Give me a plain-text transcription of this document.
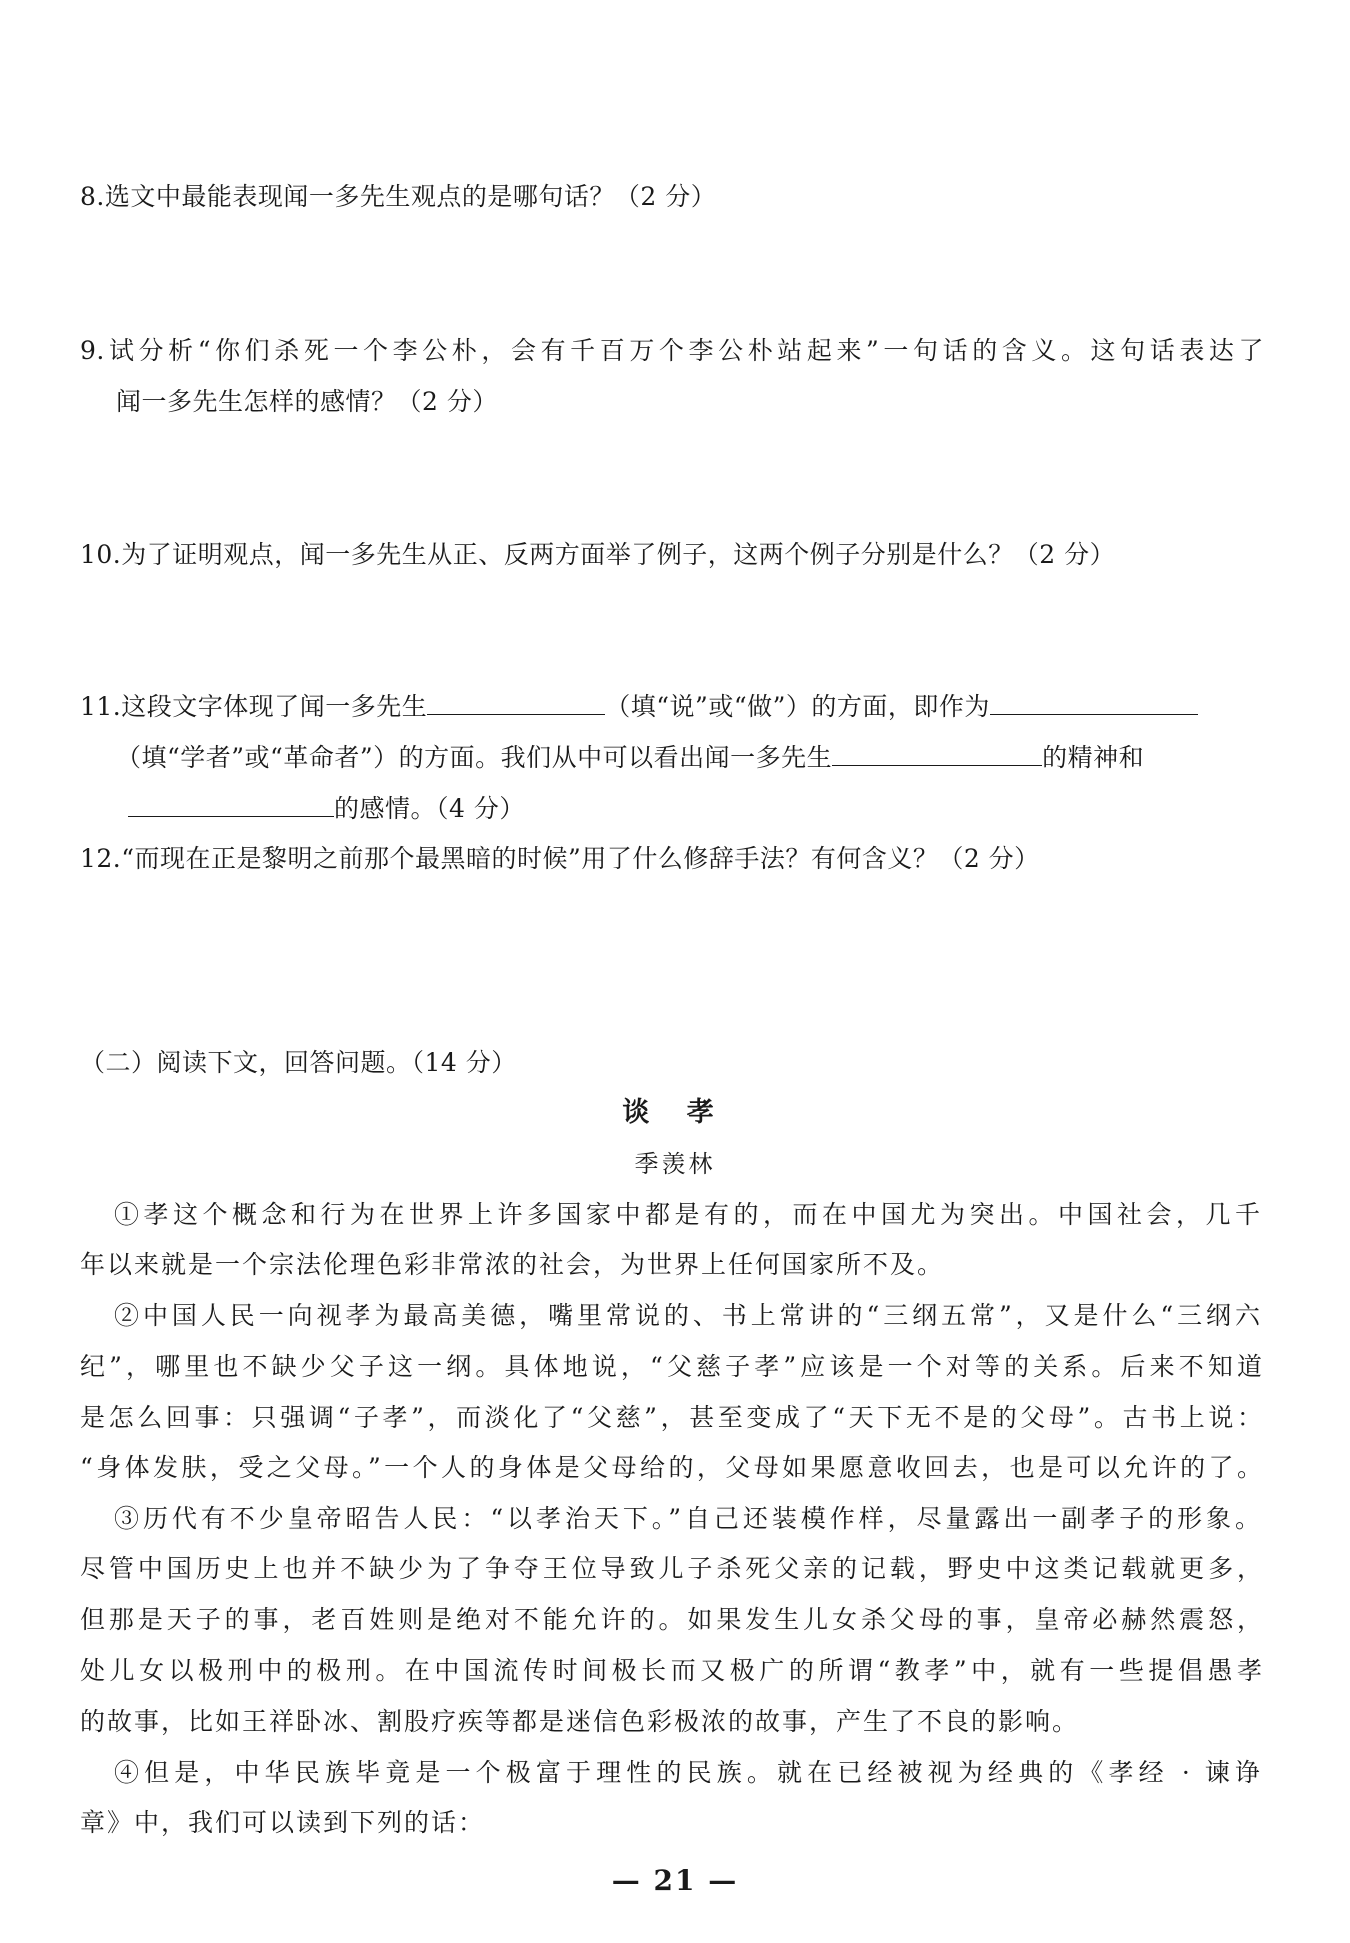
8.选文中最能表现闻一多先生观点的是哪句话？（2 分）
9.试分析“你们杀死一个李公朴，会有千百万个李公朴站起来”一句话的含义。这句话表达了
闻一多先生怎样的感情？（2 分）
10.为了证明观点，闻一多先生从正、反两方面举了例子，这两个例子分别是什么？（2 分）
11.这段文字体现了闻一多先生	（填“说”或“做”）的方面，即作为
（填“学者”或“革命者”）的方面。我们从中可以看出闻一多先生	的精神和
的感情。（4 分）
12.“而现在正是黎明之前那个最黑暗的时候”用了什么修辞手法？有何含义？（2 分）
（二）阅读下文，回答问题。（14 分）
谈 孝
季羡林
①孝这个概念和行为在世界上许多国家中都是有的，而在中国尤为突出。中国社会，几千
年以来就是一个宗法伦理色彩非常浓的社会，为世界上任何国家所不及。
②中国人民一向视孝为最高美德，嘴里常说的、书上常讲的“三纲五常”，又是什么“三纲六
纪”，哪里也不缺少父子这一纲。具体地说，“父慈子孝”应该是一个对等的关系。后来不知道
是怎么回事：只强调“子孝”，而淡化了“父慈”，甚至变成了“天下无不是的父母”。古书上说：
“身体发肤，受之父母。”一个人的身体是父母给的，父母如果愿意收回去，也是可以允许的了。
③历代有不少皇帝昭告人民：“以孝治天下。”自己还装模作样，尽量露出一副孝子的形象。
尽管中国历史上也并不缺少为了争夺王位导致儿子杀死父亲的记载，野史中这类记载就更多，
但那是天子的事，老百姓则是绝对不能允许的。如果发生儿女杀父母的事，皇帝必赫然震怒，
处儿女以极刑中的极刑。在中国流传时间极长而又极广的所谓“教孝”中，就有一些提倡愚孝
的故事，比如王祥卧冰、割股疗疾等都是迷信色彩极浓的故事，产生了不良的影响。
④但是，中华民族毕竟是一个极富于理性的民族。就在已经被视为经典的《孝经 · 谏诤
章》中，我们可以读到下列的话：
— 21 —
